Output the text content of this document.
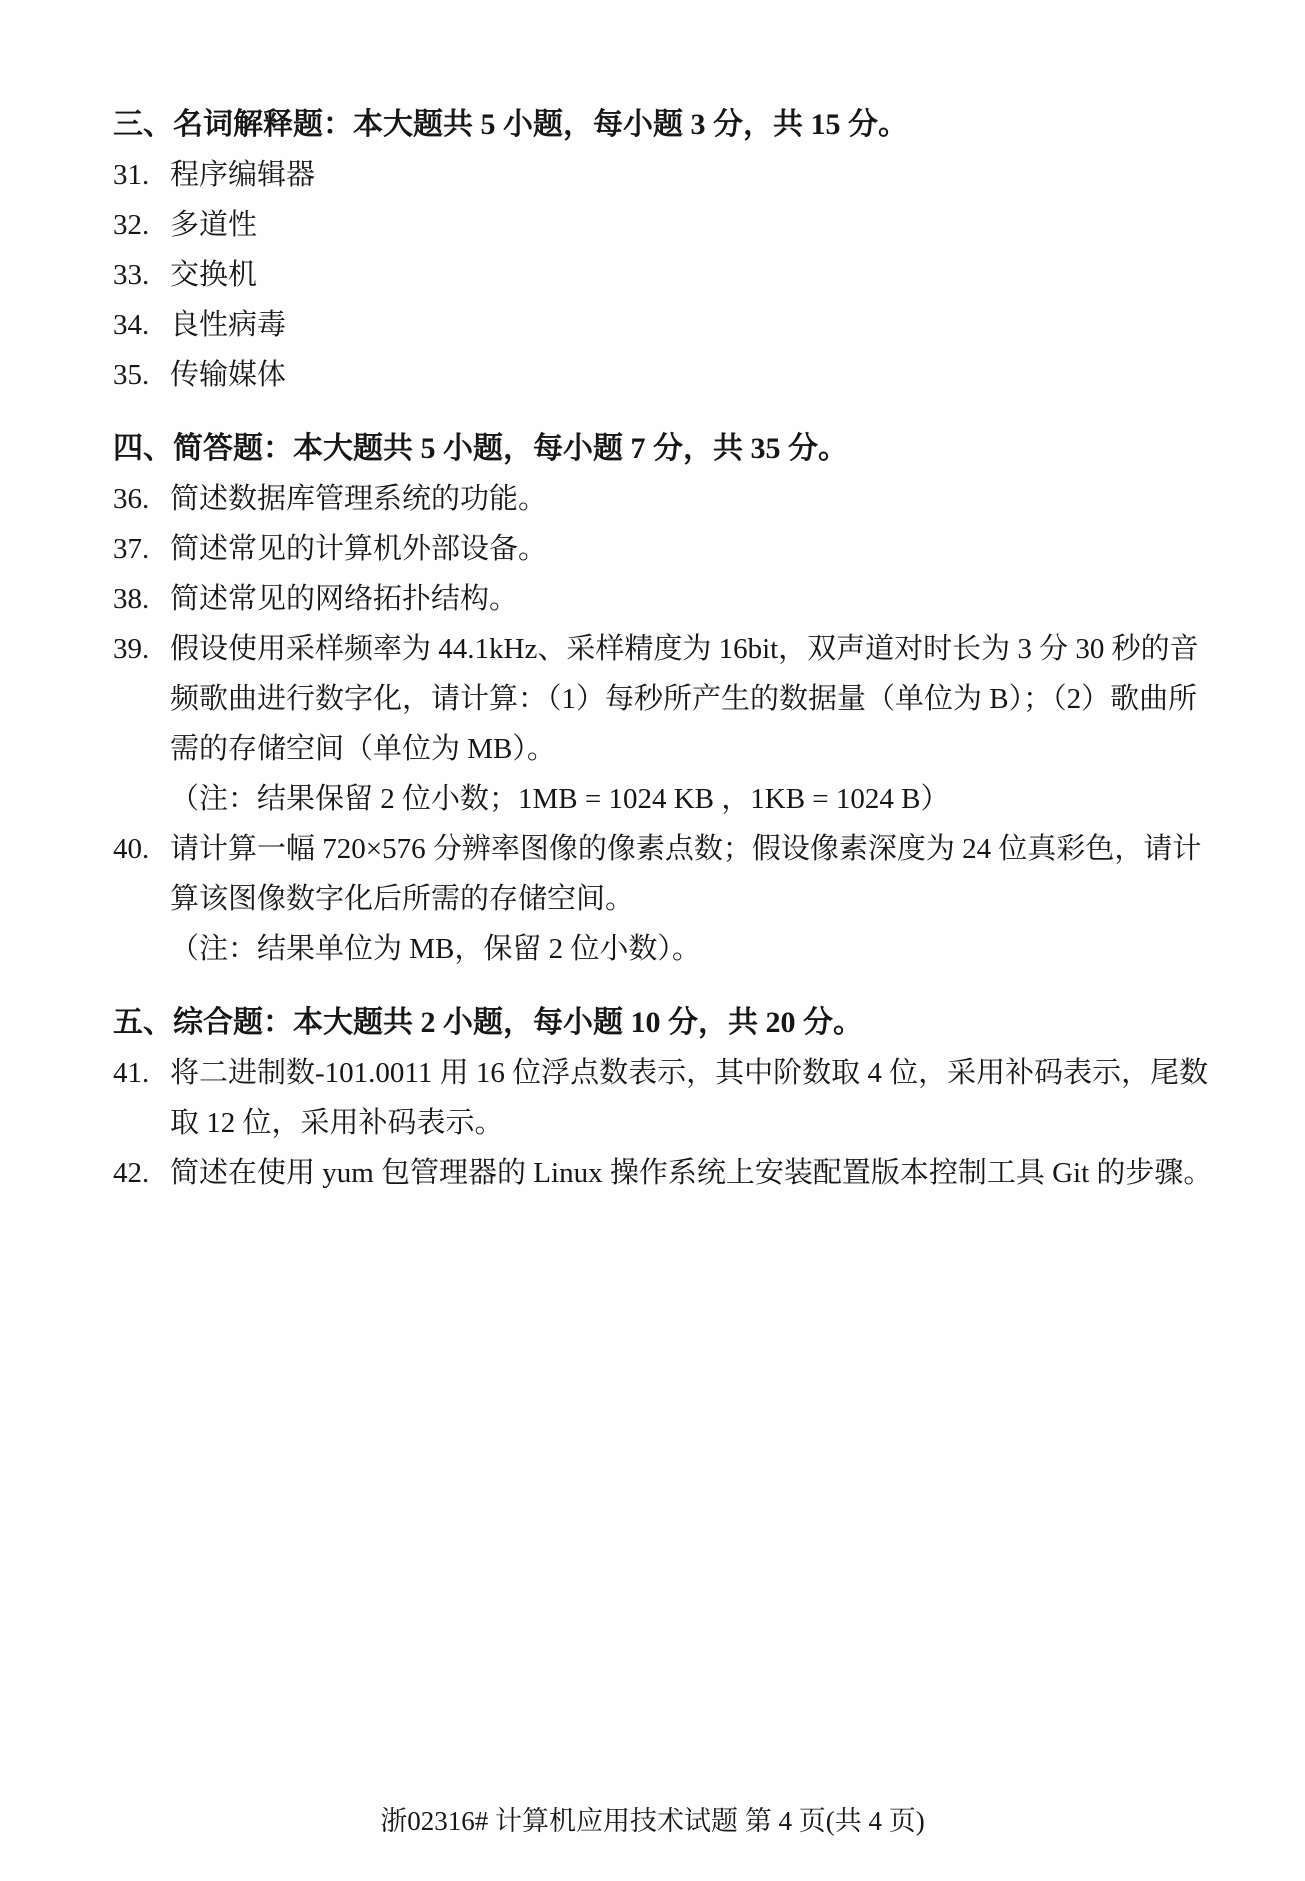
三、名词解释题：本大题共 5 小题，每小题 3 分，共 15 分。
31. 程序编辑器
32. 多道性
33. 交换机
34. 良性病毒
35. 传输媒体
四、简答题：本大题共 5 小题，每小题 7 分，共 35 分。
36. 简述数据库管理系统的功能。
37. 简述常见的计算机外部设备。
38. 简述常见的网络拓扑结构。
39. 假设使用采样频率为 44.1kHz、采样精度为 16bit，双声道对时长为 3 分 30 秒的音
频歌曲进行数字化，请计算：（1）每秒所产生的数据量（单位为 B）；（2）歌曲所
需的存储空间（单位为 MB）。
（注：结果保留 2 位小数；1MB = 1024 KB ，1KB = 1024 B）
40. 请计算一幅 720×576 分辨率图像的像素点数；假设像素深度为 24 位真彩色，请计
算该图像数字化后所需的存储空间。
（注：结果单位为 MB，保留 2 位小数）。
五、综合题：本大题共 2 小题，每小题 10 分，共 20 分。
41. 将二进制数-101.0011 用 16 位浮点数表示，其中阶数取 4 位，采用补码表示，尾数
取 12 位，采用补码表示。
42. 简述在使用 yum 包管理器的 Linux 操作系统上安装配置版本控制工具 Git 的步骤。
浙02316# 计算机应用技术试题 第 4 页(共 4 页)
